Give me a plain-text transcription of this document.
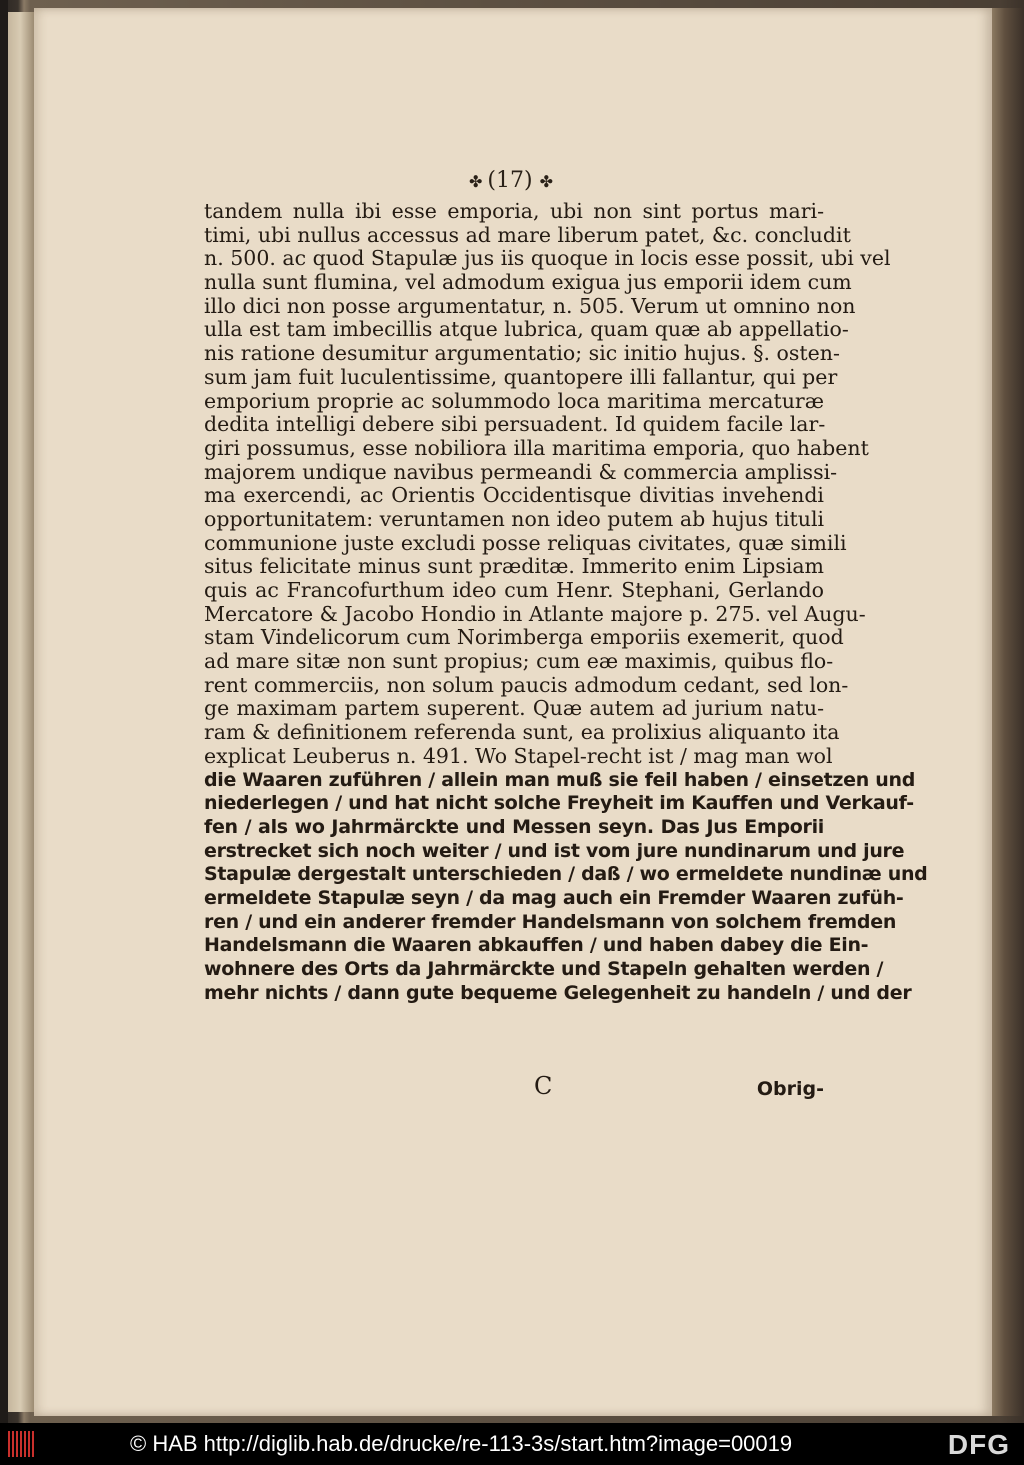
✤ (17) ✤
tandem nulla ibi esse emporia, ubi non sint portus mari-
timi, ubi nullus accessus ad mare liberum patet, &c. concludit
n. 500. ac quod Stapulæ jus iis quoque in locis esse possit, ubi vel
nulla sunt flumina, vel admodum exigua jus emporii idem cum
illo dici non posse argumentatur, n. 505. Verum ut omnino non
ulla est tam imbecillis atque lubrica, quam quæ ab appellatio-
nis ratione desumitur argumentatio; sic initio hujus. §. osten-
sum jam fuit luculentissime, quantopere illi fallantur, qui per
emporium proprie ac solummodo loca maritima mercaturæ
dedita intelligi debere sibi persuadent. Id quidem facile lar-
giri possumus, esse nobiliora illa maritima emporia, quo habent
majorem undique navibus permeandi & commercia amplissi-
ma exercendi, ac Orientis Occidentisque divitias invehendi
opportunitatem: veruntamen non ideo putem ab hujus tituli
communione juste excludi posse reliquas civitates, quæ simili
situs felicitate minus sunt præditæ. Immerito enim Lipsiam
quis ac Francofurthum ideo cum Henr. Stephani, Gerlando
Mercatore & Jacobo Hondio in Atlante majore p. 275. vel Augu-
stam Vindelicorum cum Norimberga emporiis exemerit, quod
ad mare sitæ non sunt propius; cum eæ maximis, quibus flo-
rent commerciis, non solum paucis admodum cedant, sed lon-
ge maximam partem superent. Quæ autem ad jurium natu-
ram & definitionem referenda sunt, ea prolixius aliquanto ita
explicat Leuberus n. 491. Wo Stapel-recht ist / mag man wol
die Waaren zuführen / allein man muß sie feil haben / einsetzen und
niederlegen / und hat nicht solche Freyheit im Kauffen und Verkauf-
fen / als wo Jahrmärckte und Messen seyn. Das Jus Emporii
erstrecket sich noch weiter / und ist vom jure nundinarum und jure
Stapulæ dergestalt unterschieden / daß / wo ermeldete nundinæ und
ermeldete Stapulæ seyn / da mag auch ein Fremder Waaren zufüh-
ren / und ein anderer fremder Handelsmann von solchem fremden
Handelsmann die Waaren abkauffen / und haben dabey die Ein-
wohnere des Orts da Jahrmärckte und Stapeln gehalten werden /
mehr nichts / dann gute bequeme Gelegenheit zu handeln / und der
C	Obrig-
© HAB http://diglib.hab.de/drucke/re-113-3s/start.htm?image=00019	DFG
